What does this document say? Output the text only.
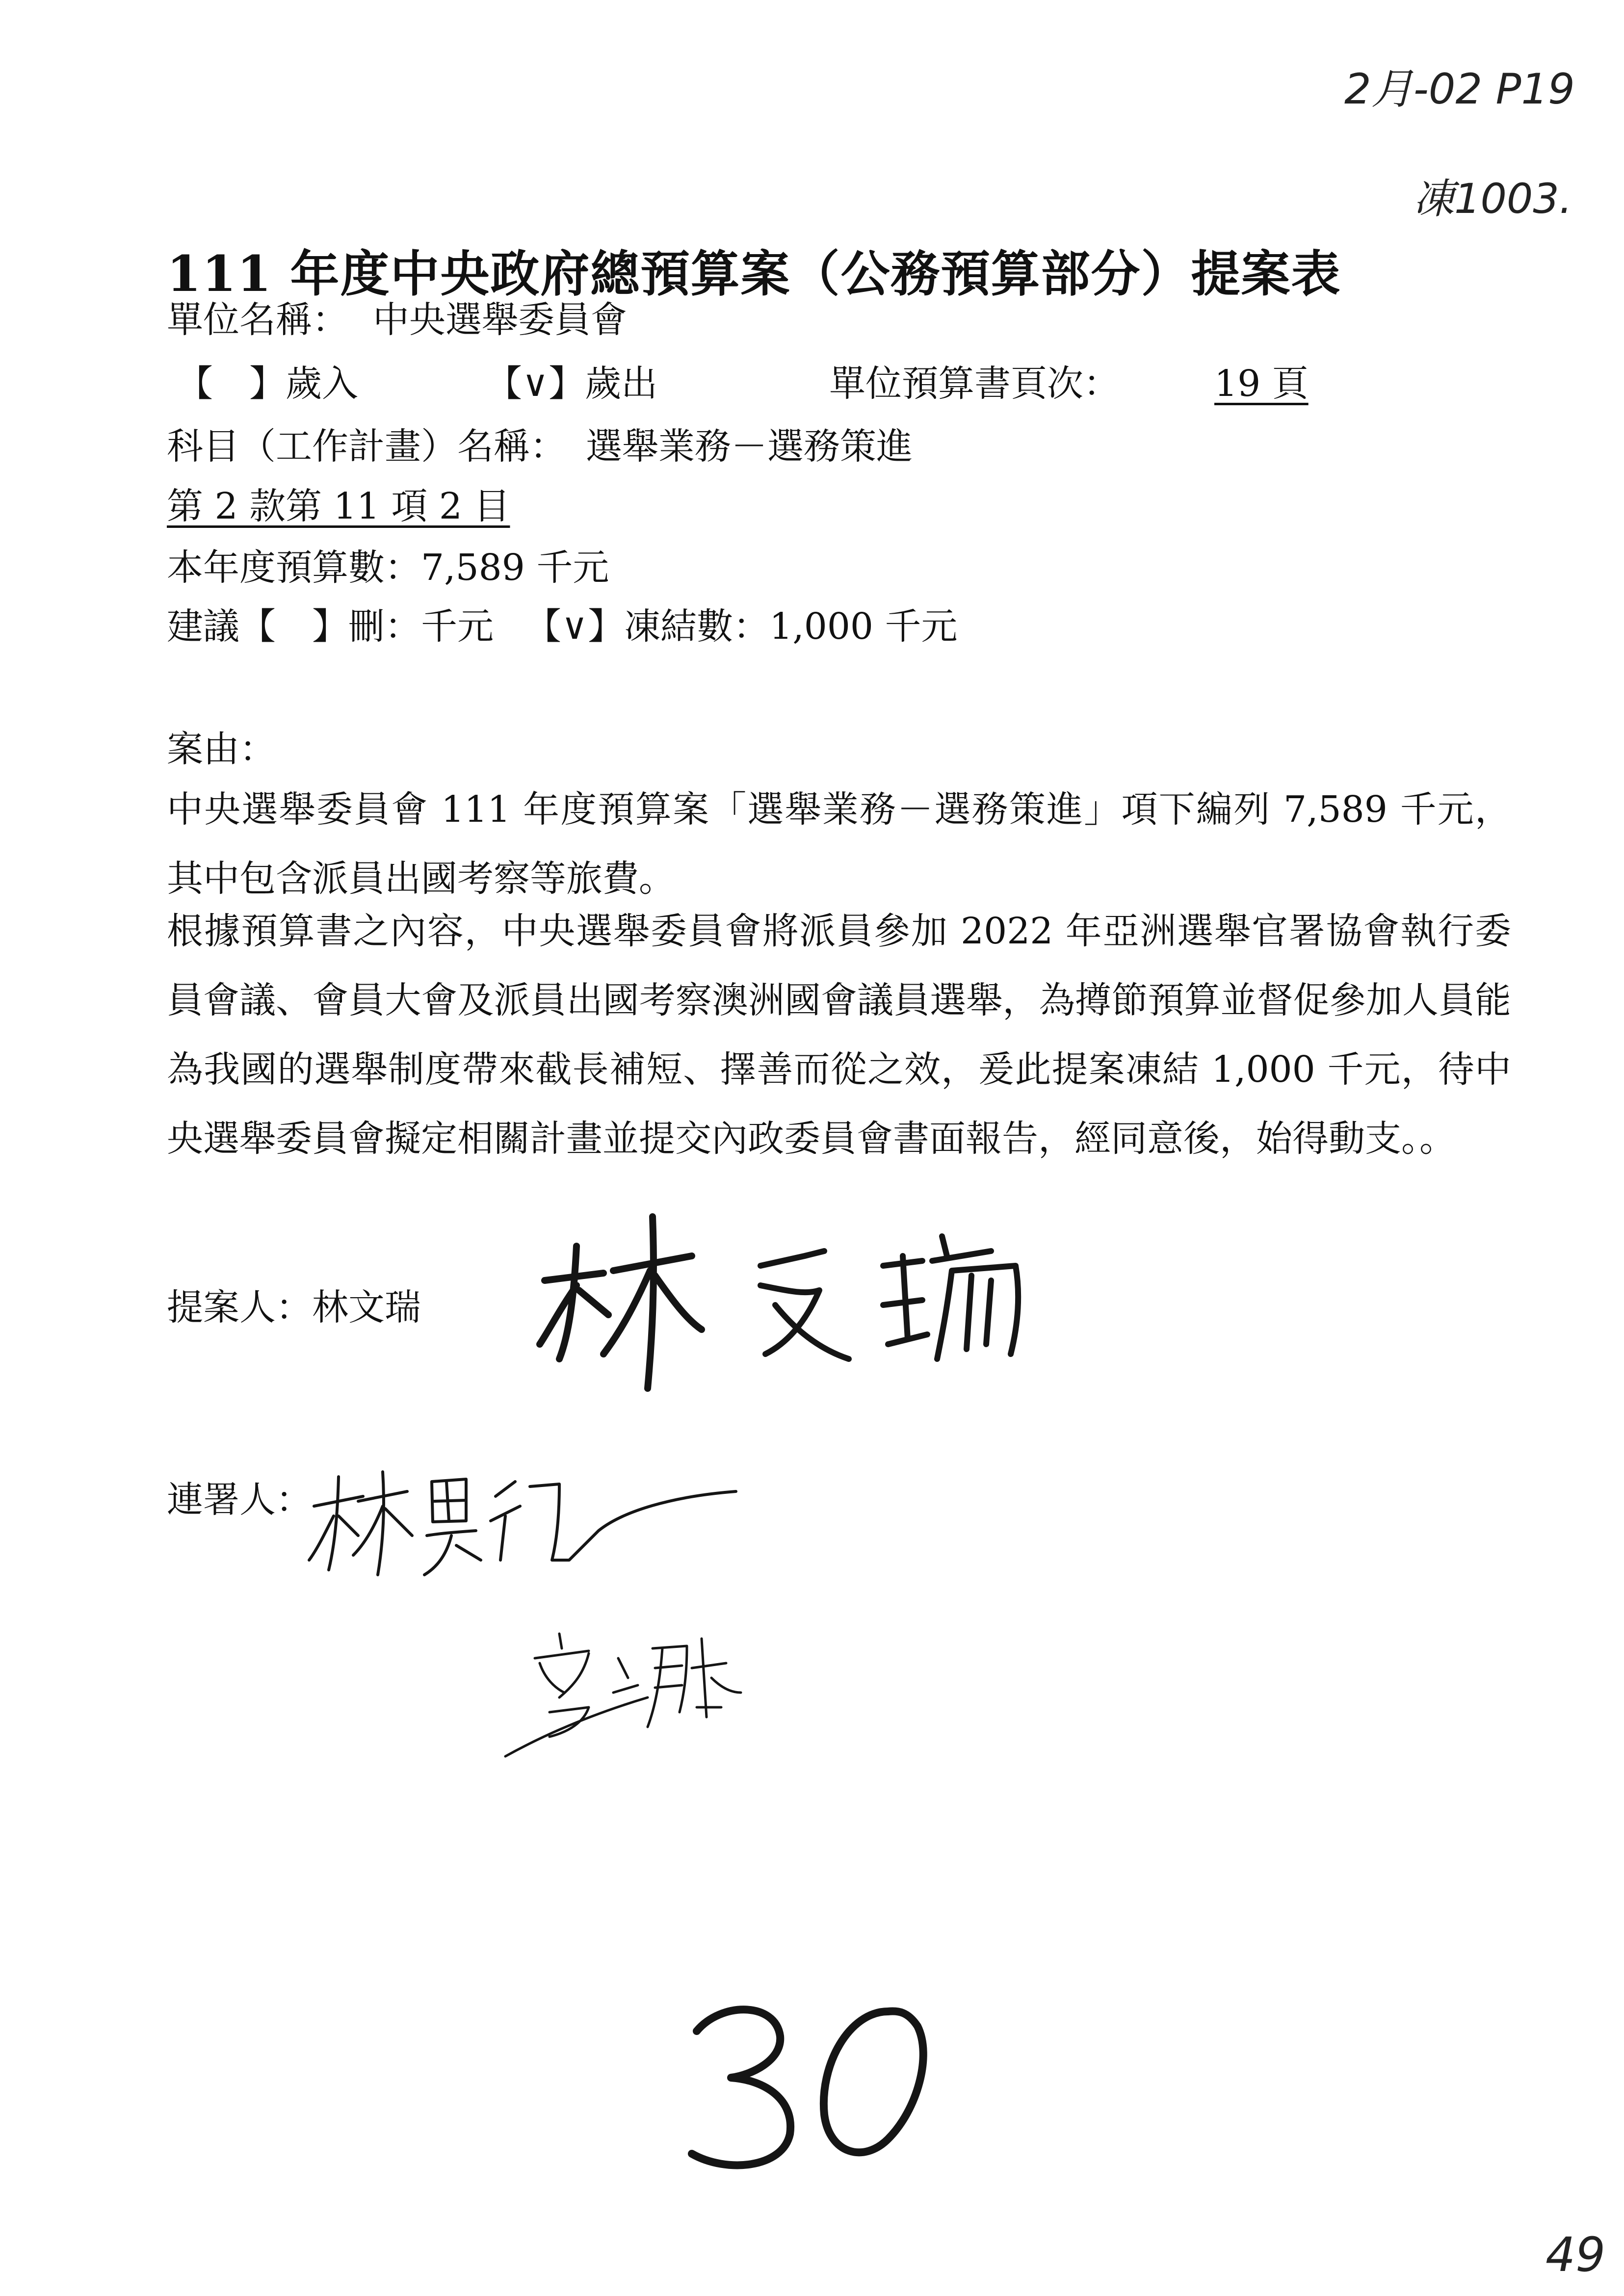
2月-02 P19
凍1003.
111 年度中央政府總預算案（公務預算部分）提案表
單位名稱： 中央選舉委員會
【　】歲入	【∨】歲出	單位預算書頁次：	19 頁
科目（工作計畫）名稱： 選舉業務－選務策進
第 2 款第 11 項 2 目
本年度預算數：7,589 千元
建議【　】刪：千元 【∨】凍結數：1,000 千元
案由：
中央選舉委員會 111 年度預算案「選舉業務－選務策進」項下編列 7,589 千元，其中包含派員出國考察等旅費。
根據預算書之內容，中央選舉委員會將派員參加 2022 年亞洲選舉官署協會執行委員會議、會員大會及派員出國考察澳洲國會議員選舉，為撙節預算並督促參加人員能為我國的選舉制度帶來截長補短、擇善而從之效，爰此提案凍結 1,000 千元，待中央選舉委員會擬定相關計畫並提交內政委員會書面報告，經同意後，始得動支。。
提案人：林文瑞
連署人：
49
